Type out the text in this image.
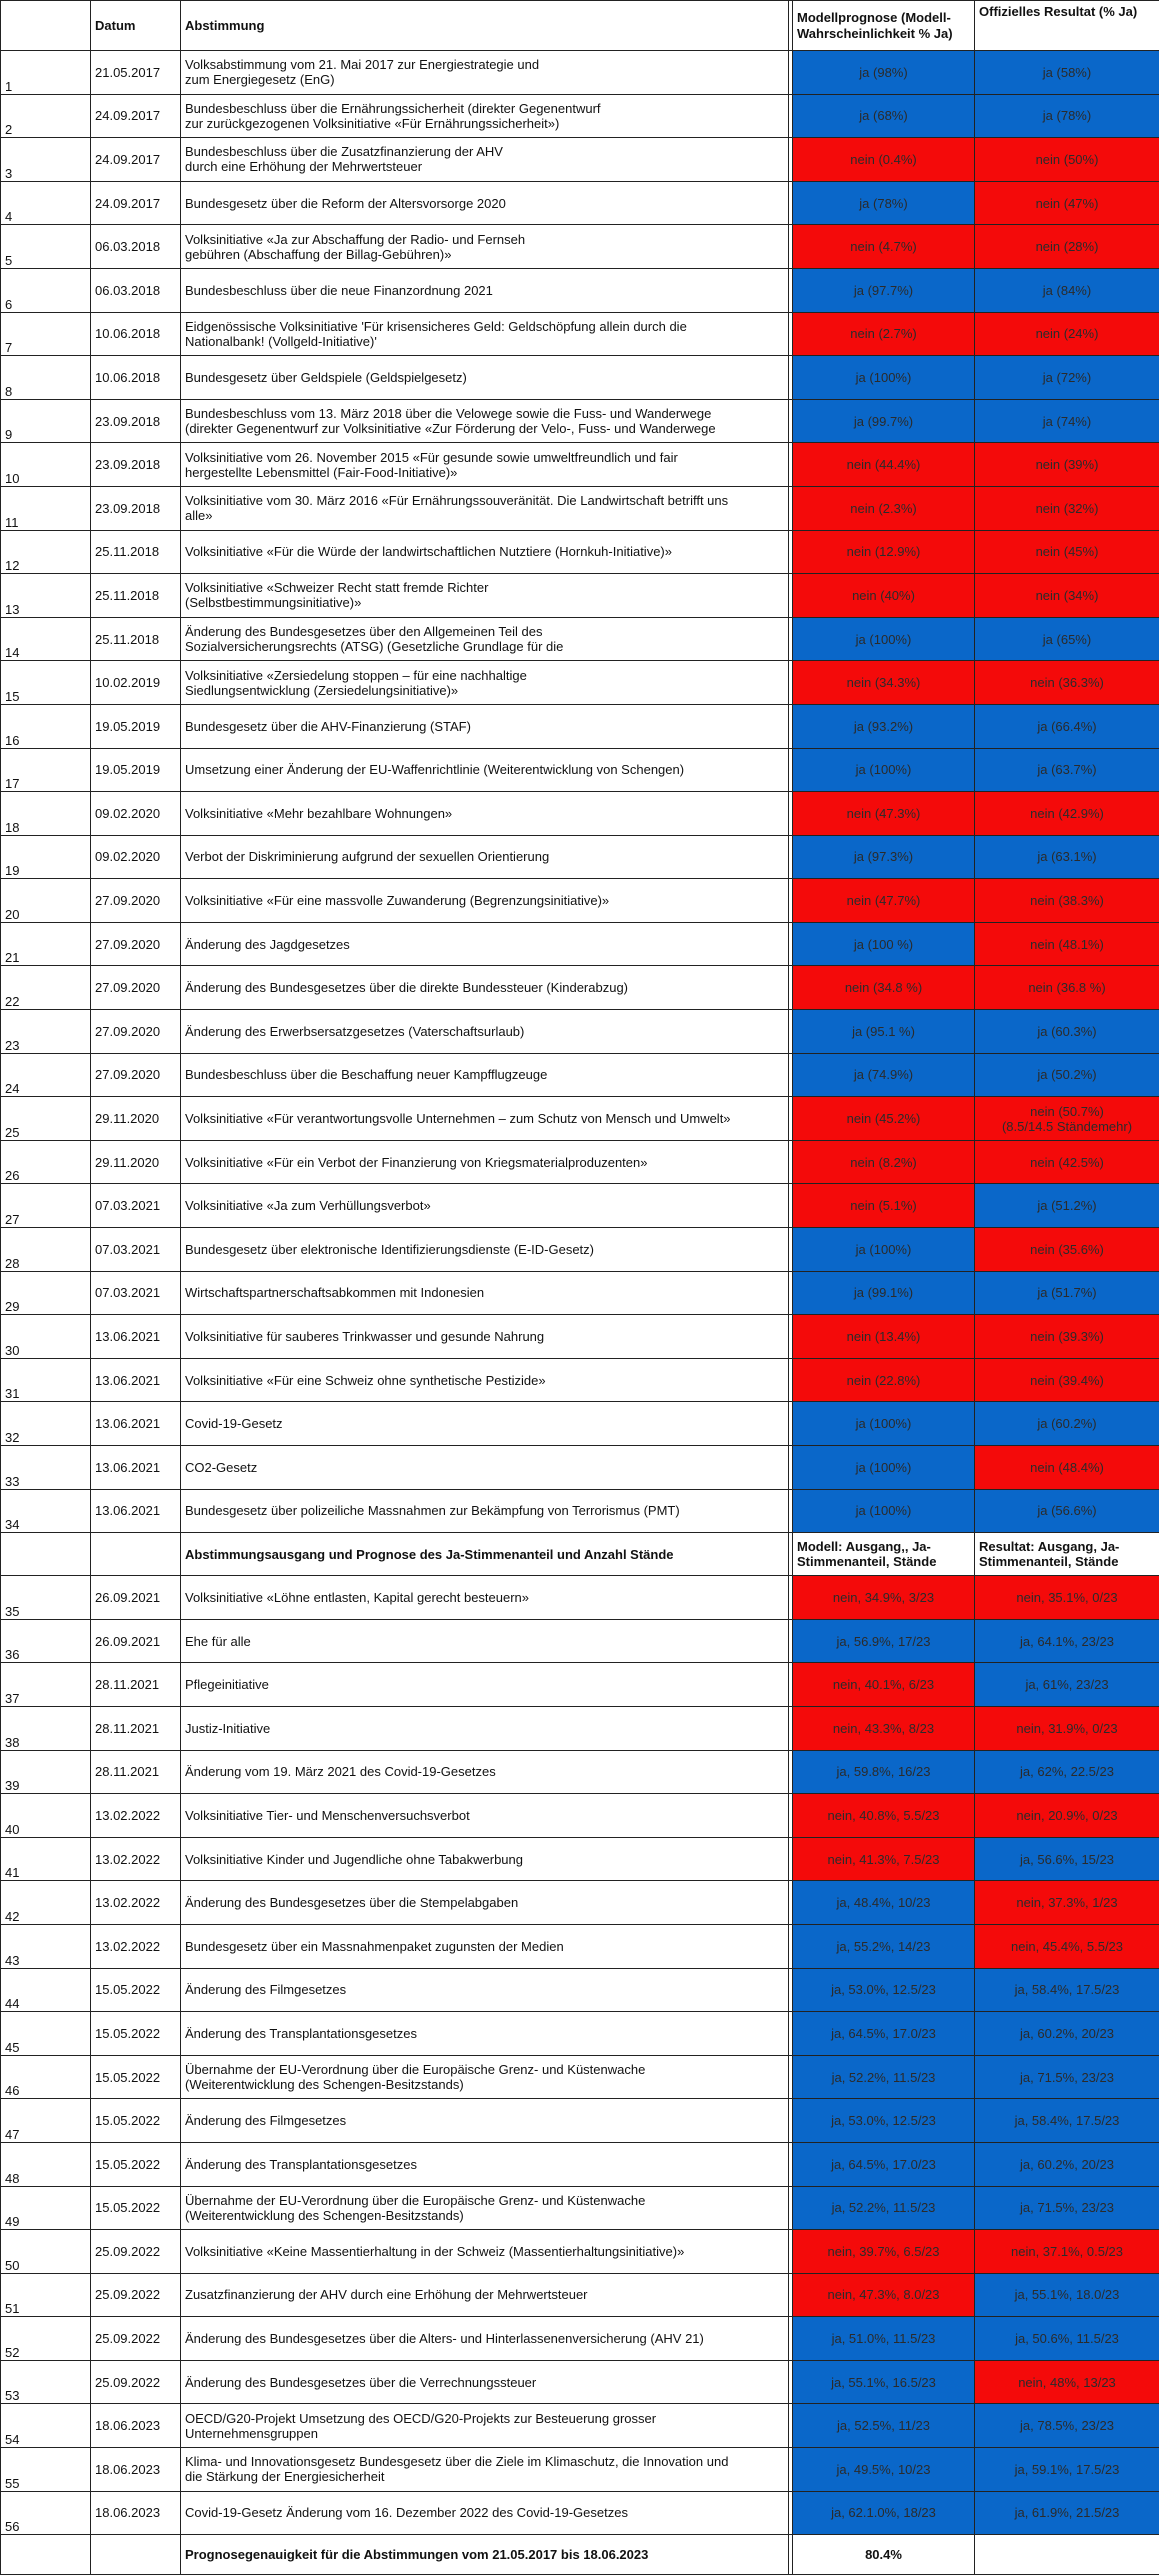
	Datum	Abstimmung		Modellprognose (Modell-Wahrscheinlichkeit % Ja)	Offizielles Resultat (% Ja)
1	21.05.2017	Volksabstimmung vom 21. Mai 2017 zur Energiestrategie und
zum Energiegesetz (EnG)		ja (98%)	ja (58%)
2	24.09.2017	Bundesbeschluss über die Ernährungssicherheit (direkter Gegenentwurf
zur zurückgezogenen Volksinitiative «Für Ernährungssicherheit»)		ja (68%)	ja (78%)
3	24.09.2017	Bundesbeschluss über die Zusatzfinanzierung der AHV
durch eine Erhöhung der Mehrwertsteuer		nein (0.4%)	nein (50%)
4	24.09.2017	Bundesgesetz über die Reform der Altersvorsorge 2020		ja (78%)	nein (47%)
5	06.03.2018	Volksinitiative «Ja zur Abschaffung der Radio- und Fernseh
gebühren (Abschaffung der Billag-Gebühren)»		nein (4.7%)	nein (28%)
6	06.03.2018	Bundesbeschluss über die neue Finanzordnung 2021		ja (97.7%)	ja (84%)
7	10.06.2018	Eidgenössische Volksinitiative 'Für krisensicheres Geld: Geldschöpfung allein durch die
Nationalbank! (Vollgeld-Initiative)'		nein (2.7%)	nein (24%)
8	10.06.2018	Bundesgesetz über Geldspiele (Geldspielgesetz)		ja (100%)	ja (72%)
9	23.09.2018	Bundesbeschluss vom 13. März 2018 über die Velowege sowie die Fuss- und Wanderwege
(direkter Gegenentwurf zur Volksinitiative «Zur Förderung der Velo-, Fuss- und Wanderwege		ja (99.7%)	ja (74%)
10	23.09.2018	Volksinitiative vom 26. November 2015 «Für gesunde sowie umweltfreundlich und fair
hergestellte Lebensmittel (Fair-Food-Initiative)»		nein (44.4%)	nein (39%)
11	23.09.2018	Volksinitiative vom 30. März 2016 «Für Ernährungssouveränität. Die Landwirtschaft betrifft uns
alle»		nein (2.3%)	nein (32%)
12	25.11.2018	Volksinitiative «Für die Würde der landwirtschaftlichen Nutztiere (Hornkuh-Initiative)»		nein (12.9%)	nein (45%)
13	25.11.2018	Volksinitiative «Schweizer Recht statt fremde Richter
(Selbstbestimmungsinitiative)»		nein (40%)	nein (34%)
14	25.11.2018	Änderung des Bundesgesetzes über den Allgemeinen Teil des
Sozialversicherungsrechts (ATSG) (Gesetzliche Grundlage für die		ja (100%)	ja (65%)
15	10.02.2019	Volksinitiative «Zersiedelung stoppen – für eine nachhaltige
Siedlungsentwicklung (Zersiedelungsinitiative)»		nein (34.3%)	nein (36.3%)
16	19.05.2019	Bundesgesetz über die AHV-Finanzierung (STAF)		ja (93.2%)	ja (66.4%)
17	19.05.2019	Umsetzung einer Änderung der EU-Waffenrichtlinie (Weiterentwicklung von Schengen)		ja (100%)	ja (63.7%)
18	09.02.2020	Volksinitiative «Mehr bezahlbare Wohnungen»		nein (47.3%)	nein (42.9%)
19	09.02.2020	Verbot der Diskriminierung aufgrund der sexuellen Orientierung		ja (97.3%)	ja (63.1%)
20	27.09.2020	Volksinitiative «Für eine massvolle Zuwanderung (Begrenzungsinitiative)»		nein (47.7%)	nein (38.3%)
21	27.09.2020	Änderung des Jagdgesetzes		ja (100 %)	nein (48.1%)
22	27.09.2020	Änderung des Bundesgesetzes über die direkte Bundessteuer (Kinderabzug)		nein (34.8 %)	nein (36.8 %)
23	27.09.2020	Änderung des Erwerbsersatzgesetzes (Vaterschaftsurlaub)		ja (95.1 %)	ja (60.3%)
24	27.09.2020	Bundesbeschluss über die Beschaffung neuer Kampfflugzeuge		ja (74.9%)	ja (50.2%)
25	29.11.2020	Volksinitiative «Für verantwortungsvolle Unternehmen – zum Schutz von Mensch und Umwelt»		nein (45.2%)	nein (50.7%)
(8.5/14.5 Ständemehr)
26	29.11.2020	Volksinitiative «Für ein Verbot der Finanzierung von Kriegsmaterialproduzenten»		nein (8.2%)	nein (42.5%)
27	07.03.2021	Volksinitiative «Ja zum Verhüllungsverbot»		nein (5.1%)	ja (51.2%)
28	07.03.2021	Bundesgesetz über elektronische Identifizierungsdienste (E-ID-Gesetz)		ja (100%)	nein (35.6%)
29	07.03.2021	Wirtschaftspartnerschaftsabkommen mit Indonesien		ja (99.1%)	ja (51.7%)
30	13.06.2021	Volksinitiative für sauberes Trinkwasser und gesunde Nahrung		nein (13.4%)	nein (39.3%)
31	13.06.2021	Volksinitiative «Für eine Schweiz ohne synthetische Pestizide»		nein (22.8%)	nein (39.4%)
32	13.06.2021	Covid-19-Gesetz		ja (100%)	ja (60.2%)
33	13.06.2021	CO2-Gesetz		ja (100%)	nein (48.4%)
34	13.06.2021	Bundesgesetz über polizeiliche Massnahmen zur Bekämpfung von Terrorismus (PMT)		ja (100%)	ja (56.6%)
		Abstimmungsausgang und Prognose des Ja-Stimmenanteil und Anzahl Stände		Modell: Ausgang,, Ja-Stimmenanteil, Stände	Resultat: Ausgang, Ja-Stimmenanteil, Stände
35	26.09.2021	Volksinitiative «Löhne entlasten, Kapital gerecht besteuern»		nein, 34.9%, 3/23	nein, 35.1%, 0/23
36	26.09.2021	Ehe für alle		ja, 56.9%, 17/23	ja, 64.1%, 23/23
37	28.11.2021	Pflegeinitiative		nein, 40.1%, 6/23	ja, 61%, 23/23
38	28.11.2021	Justiz-Initiative		nein, 43.3%, 8/23	nein, 31.9%, 0/23
39	28.11.2021	Änderung vom 19. März 2021 des Covid-19-Gesetzes		ja, 59.8%, 16/23	ja, 62%, 22.5/23
40	13.02.2022	Volksinitiative Tier- und Menschenversuchsverbot		nein, 40.8%, 5.5/23	nein, 20.9%, 0/23
41	13.02.2022	Volksinitiative Kinder und Jugendliche ohne Tabakwerbung		nein, 41.3%, 7.5/23	ja, 56.6%, 15/23
42	13.02.2022	Änderung des Bundesgesetzes über die Stempelabgaben		ja, 48.4%, 10/23	nein, 37.3%, 1/23
43	13.02.2022	Bundesgesetz über ein Massnahmenpaket zugunsten der Medien		ja, 55.2%, 14/23	nein, 45.4%, 5.5/23
44	15.05.2022	Änderung des Filmgesetzes		ja, 53.0%, 12.5/23	ja, 58.4%, 17.5/23
45	15.05.2022	Änderung des Transplantationsgesetzes		ja, 64.5%, 17.0/23	ja, 60.2%, 20/23
46	15.05.2022	Übernahme der EU-Verordnung über die Europäische Grenz- und Küstenwache
(Weiterentwicklung des Schengen-Besitzstands)		ja, 52.2%, 11.5/23	ja, 71.5%, 23/23
47	15.05.2022	Änderung des Filmgesetzes		ja, 53.0%, 12.5/23	ja, 58.4%, 17.5/23
48	15.05.2022	Änderung des Transplantationsgesetzes		ja, 64.5%, 17.0/23	ja, 60.2%, 20/23
49	15.05.2022	Übernahme der EU-Verordnung über die Europäische Grenz- und Küstenwache
(Weiterentwicklung des Schengen-Besitzstands)		ja, 52.2%, 11.5/23	ja, 71.5%, 23/23
50	25.09.2022	Volksinitiative «Keine Massentierhaltung in der Schweiz (Massentierhaltungsinitiative)»		nein, 39.7%, 6.5/23	nein, 37.1%, 0.5/23
51	25.09.2022	Zusatzfinanzierung der AHV durch eine Erhöhung der Mehrwertsteuer		nein, 47.3%, 8.0/23	ja, 55.1%, 18.0/23
52	25.09.2022	Änderung des Bundesgesetzes über die Alters- und Hinterlassenenversicherung (AHV 21)		ja, 51.0%, 11.5/23	ja, 50.6%, 11.5/23
53	25.09.2022	Änderung des Bundesgesetzes über die Verrechnungssteuer		ja, 55.1%, 16.5/23	nein, 48%, 13/23
54	18.06.2023	OECD/G20-Projekt Umsetzung des OECD/G20-Projekts zur Besteuerung grosser
Unternehmensgruppen		ja, 52.5%, 11/23	ja, 78.5%, 23/23
55	18.06.2023	Klima- und Innovationsgesetz Bundesgesetz über die Ziele im Klimaschutz, die Innovation und
die Stärkung der Energiesicherheit		ja, 49.5%, 10/23	ja, 59.1%, 17.5/23
56	18.06.2023	Covid-19-Gesetz Änderung vom 16. Dezember 2022 des Covid-19-Gesetzes		ja, 62.1.0%, 18/23	ja, 61.9%, 21.5/23
		Prognosegenauigkeit für die Abstimmungen vom 21.05.2017 bis 18.06.2023		80.4%	
